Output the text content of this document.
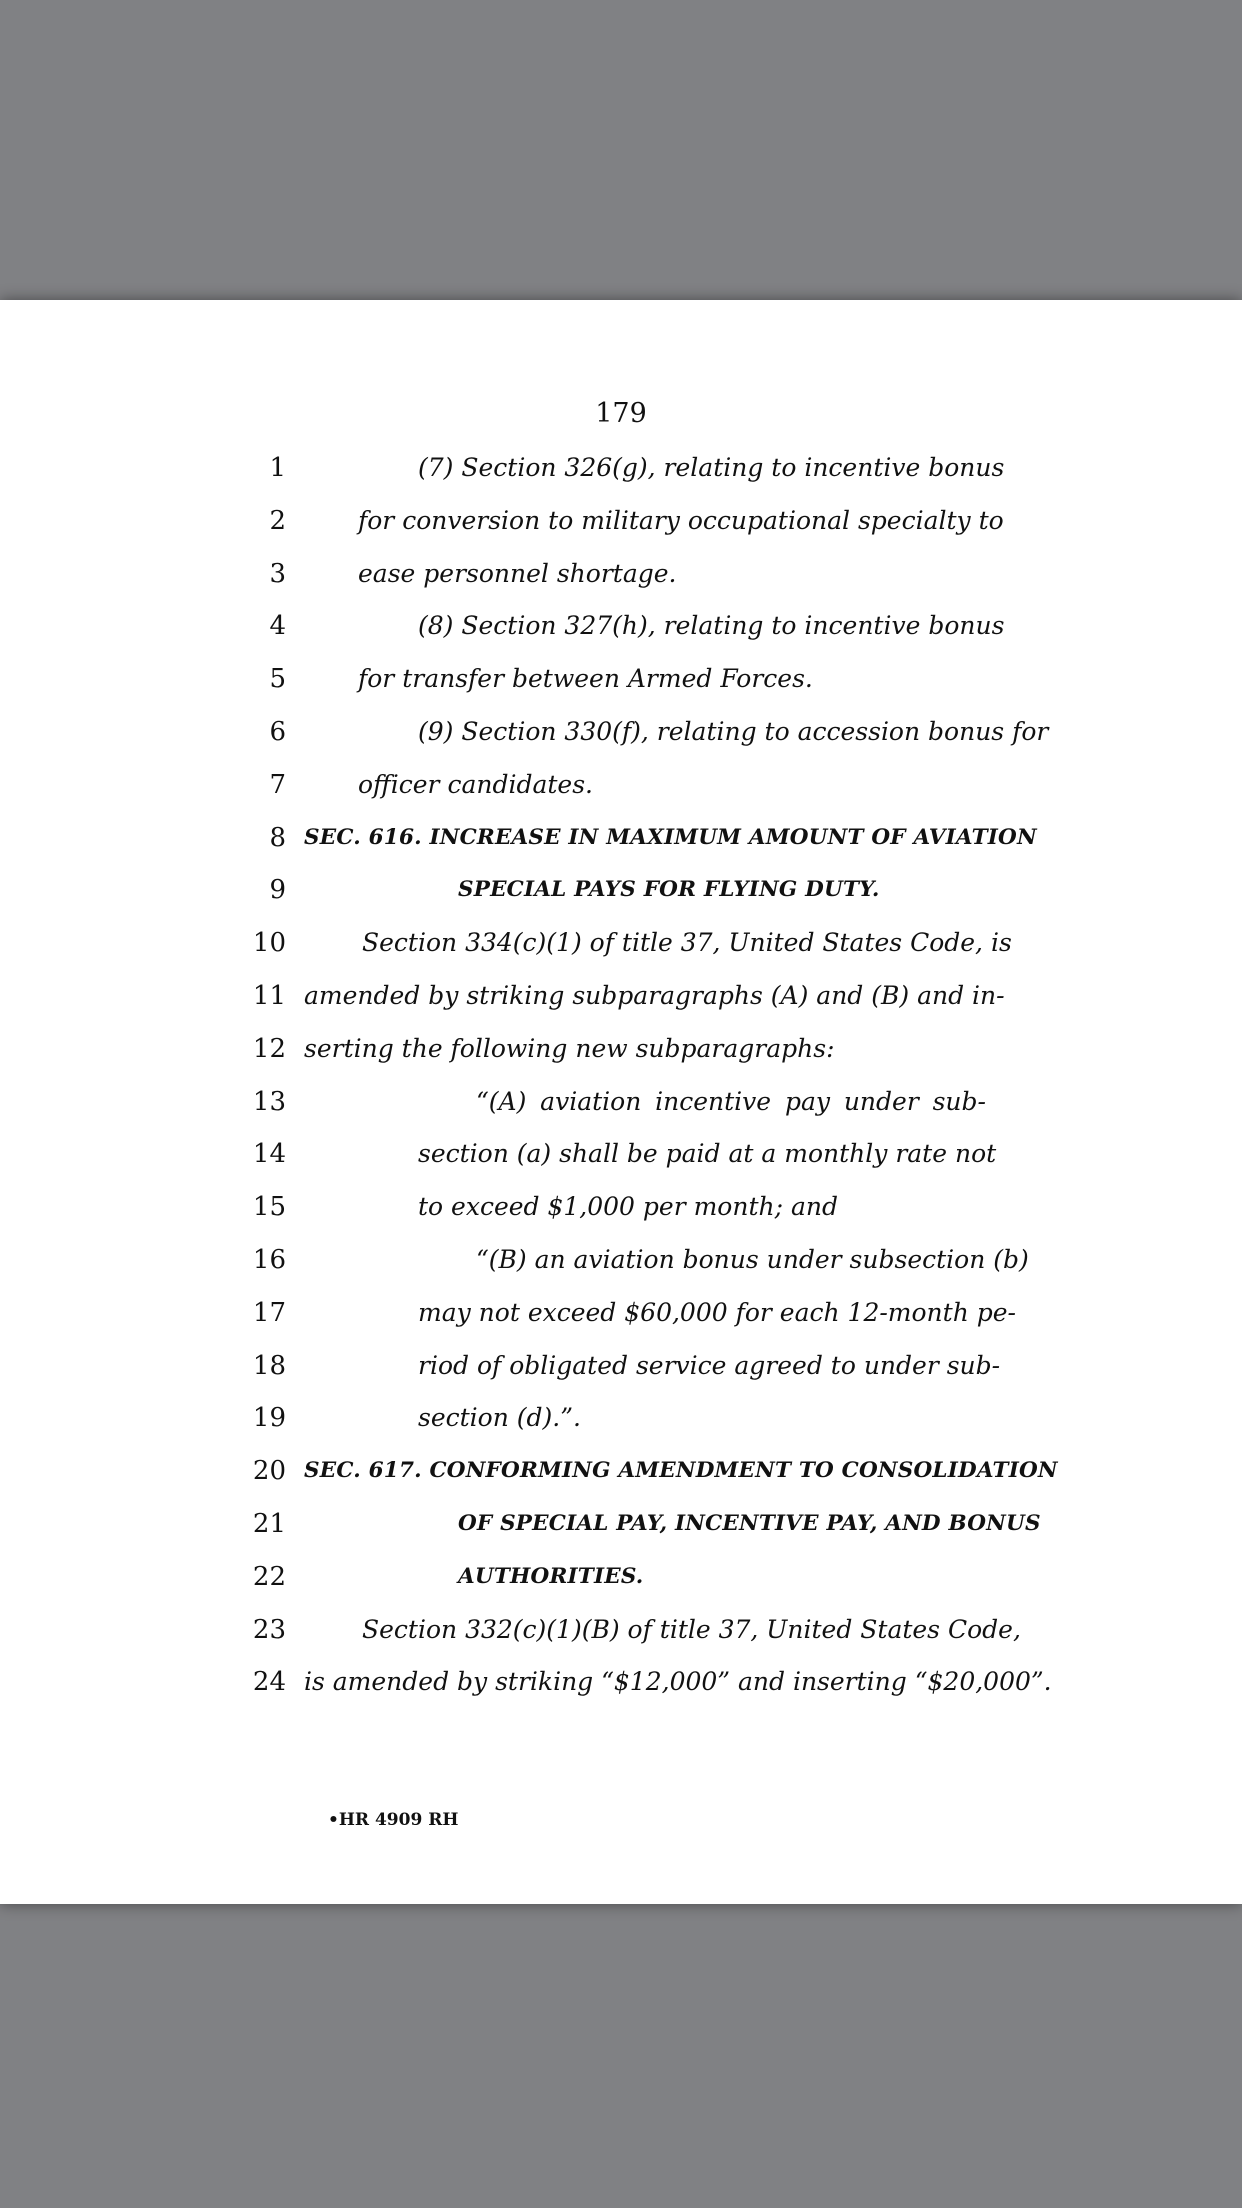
179
1	(7) Section 326(g), relating to incentive bonus
2	for conversion to military occupational specialty to
3	ease personnel shortage.
4	(8) Section 327(h), relating to incentive bonus
5	for transfer between Armed Forces.
6	(9) Section 330(f), relating to accession bonus for
7	officer candidates.
8 SEC. 616. INCREASE IN MAXIMUM AMOUNT OF AVIATION
9	SPECIAL PAYS FOR FLYING DUTY.
10	Section 334(c)(1) of title 37, United States Code, is
11 amended by striking subparagraphs (A) and (B) and in-
12 serting the following new subparagraphs:
13	“(A) aviation incentive pay under sub-
14	section (a) shall be paid at a monthly rate not
15	to exceed $1,000 per month; and
16	“(B) an aviation bonus under subsection (b)
17	may not exceed $60,000 for each 12-month pe-
18	riod of obligated service agreed to under sub-
19	section (d).”.
20 SEC. 617. CONFORMING AMENDMENT TO CONSOLIDATION
21	OF SPECIAL PAY, INCENTIVE PAY, AND BONUS
22	AUTHORITIES.
23	Section 332(c)(1)(B) of title 37, United States Code,
24 is amended by striking “$12,000” and inserting “$20,000”.
•HR 4909 RH
